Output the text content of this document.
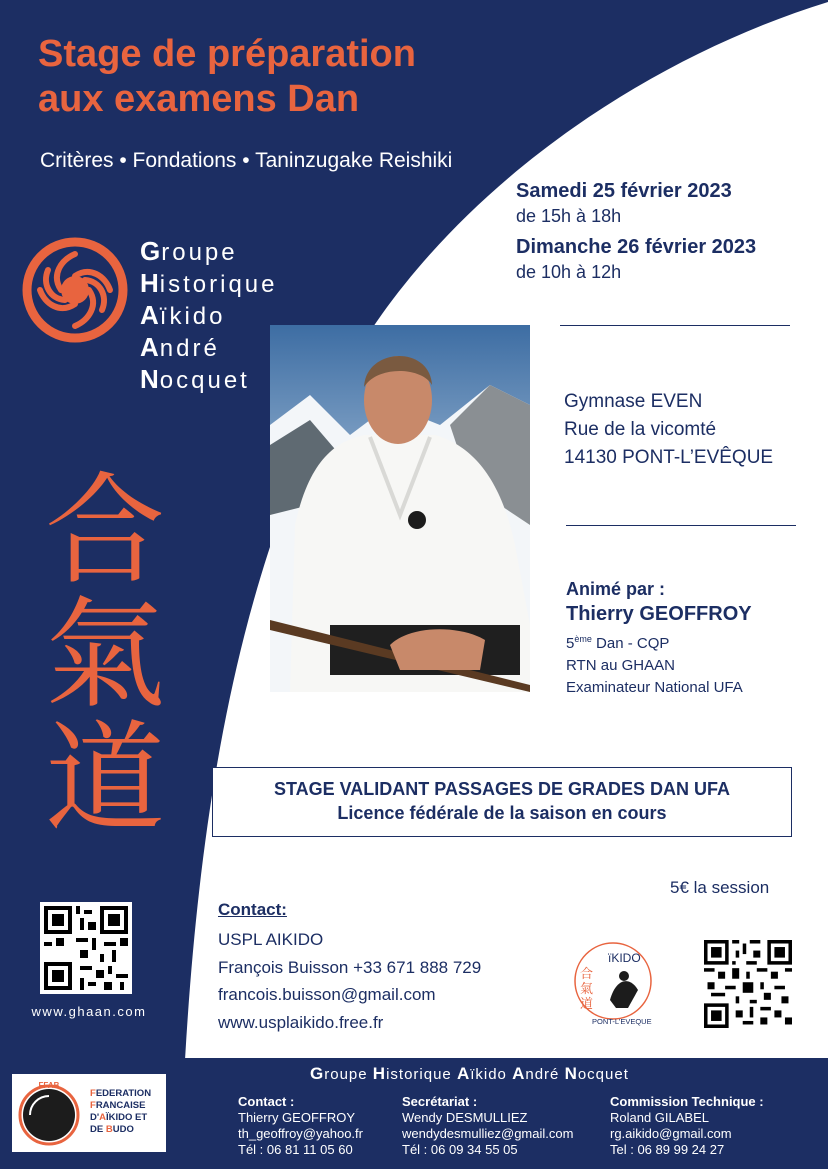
Stage de préparation
aux examens Dan
Critères • Fondations • Taninzugake Reishiki
Samedi 25 février 2023
de 15h à 18h
Dimanche 26 février 2023
de 10h à 12h
Groupe
Historique
Aïkido
André
Nocquet
合
氣
道
Gymnase EVEN
Rue de la vicomté
14130 PONT-L’EVÊQUE
Animé par :
Thierry GEOFFROY
5ème Dan - CQP
RTN au GHAAN
Examinateur National UFA
STAGE VALIDANT PASSAGES DE GRADES DAN UFA
Licence fédérale de la saison en cours
5€ la session
Contact:
USPL AIKIDO
François Buisson +33 671 888 729
francois.buisson@gmail.com
www.usplaikido.free.fr
www.ghaan.com
ïKIDO
合
氣
道
PONT-L’EVEQUE
Groupe Historique Aïkido André Nocquet
FFAB
FEDERATION
FRANCAISE
D'AÏKIDO ET
DE BUDO
Contact :
Thierry GEOFFROY
th_geoffroy@yahoo.fr
Tél : 06 81 11 05 60
Secrétariat :
Wendy DESMULLIEZ
wendydesmulliez@gmail.com
Tél : 06 09 34 55 05
Commission Technique :
Roland GILABEL
rg.aikido@gmail.com
Tel : 06 89 99 24 27
